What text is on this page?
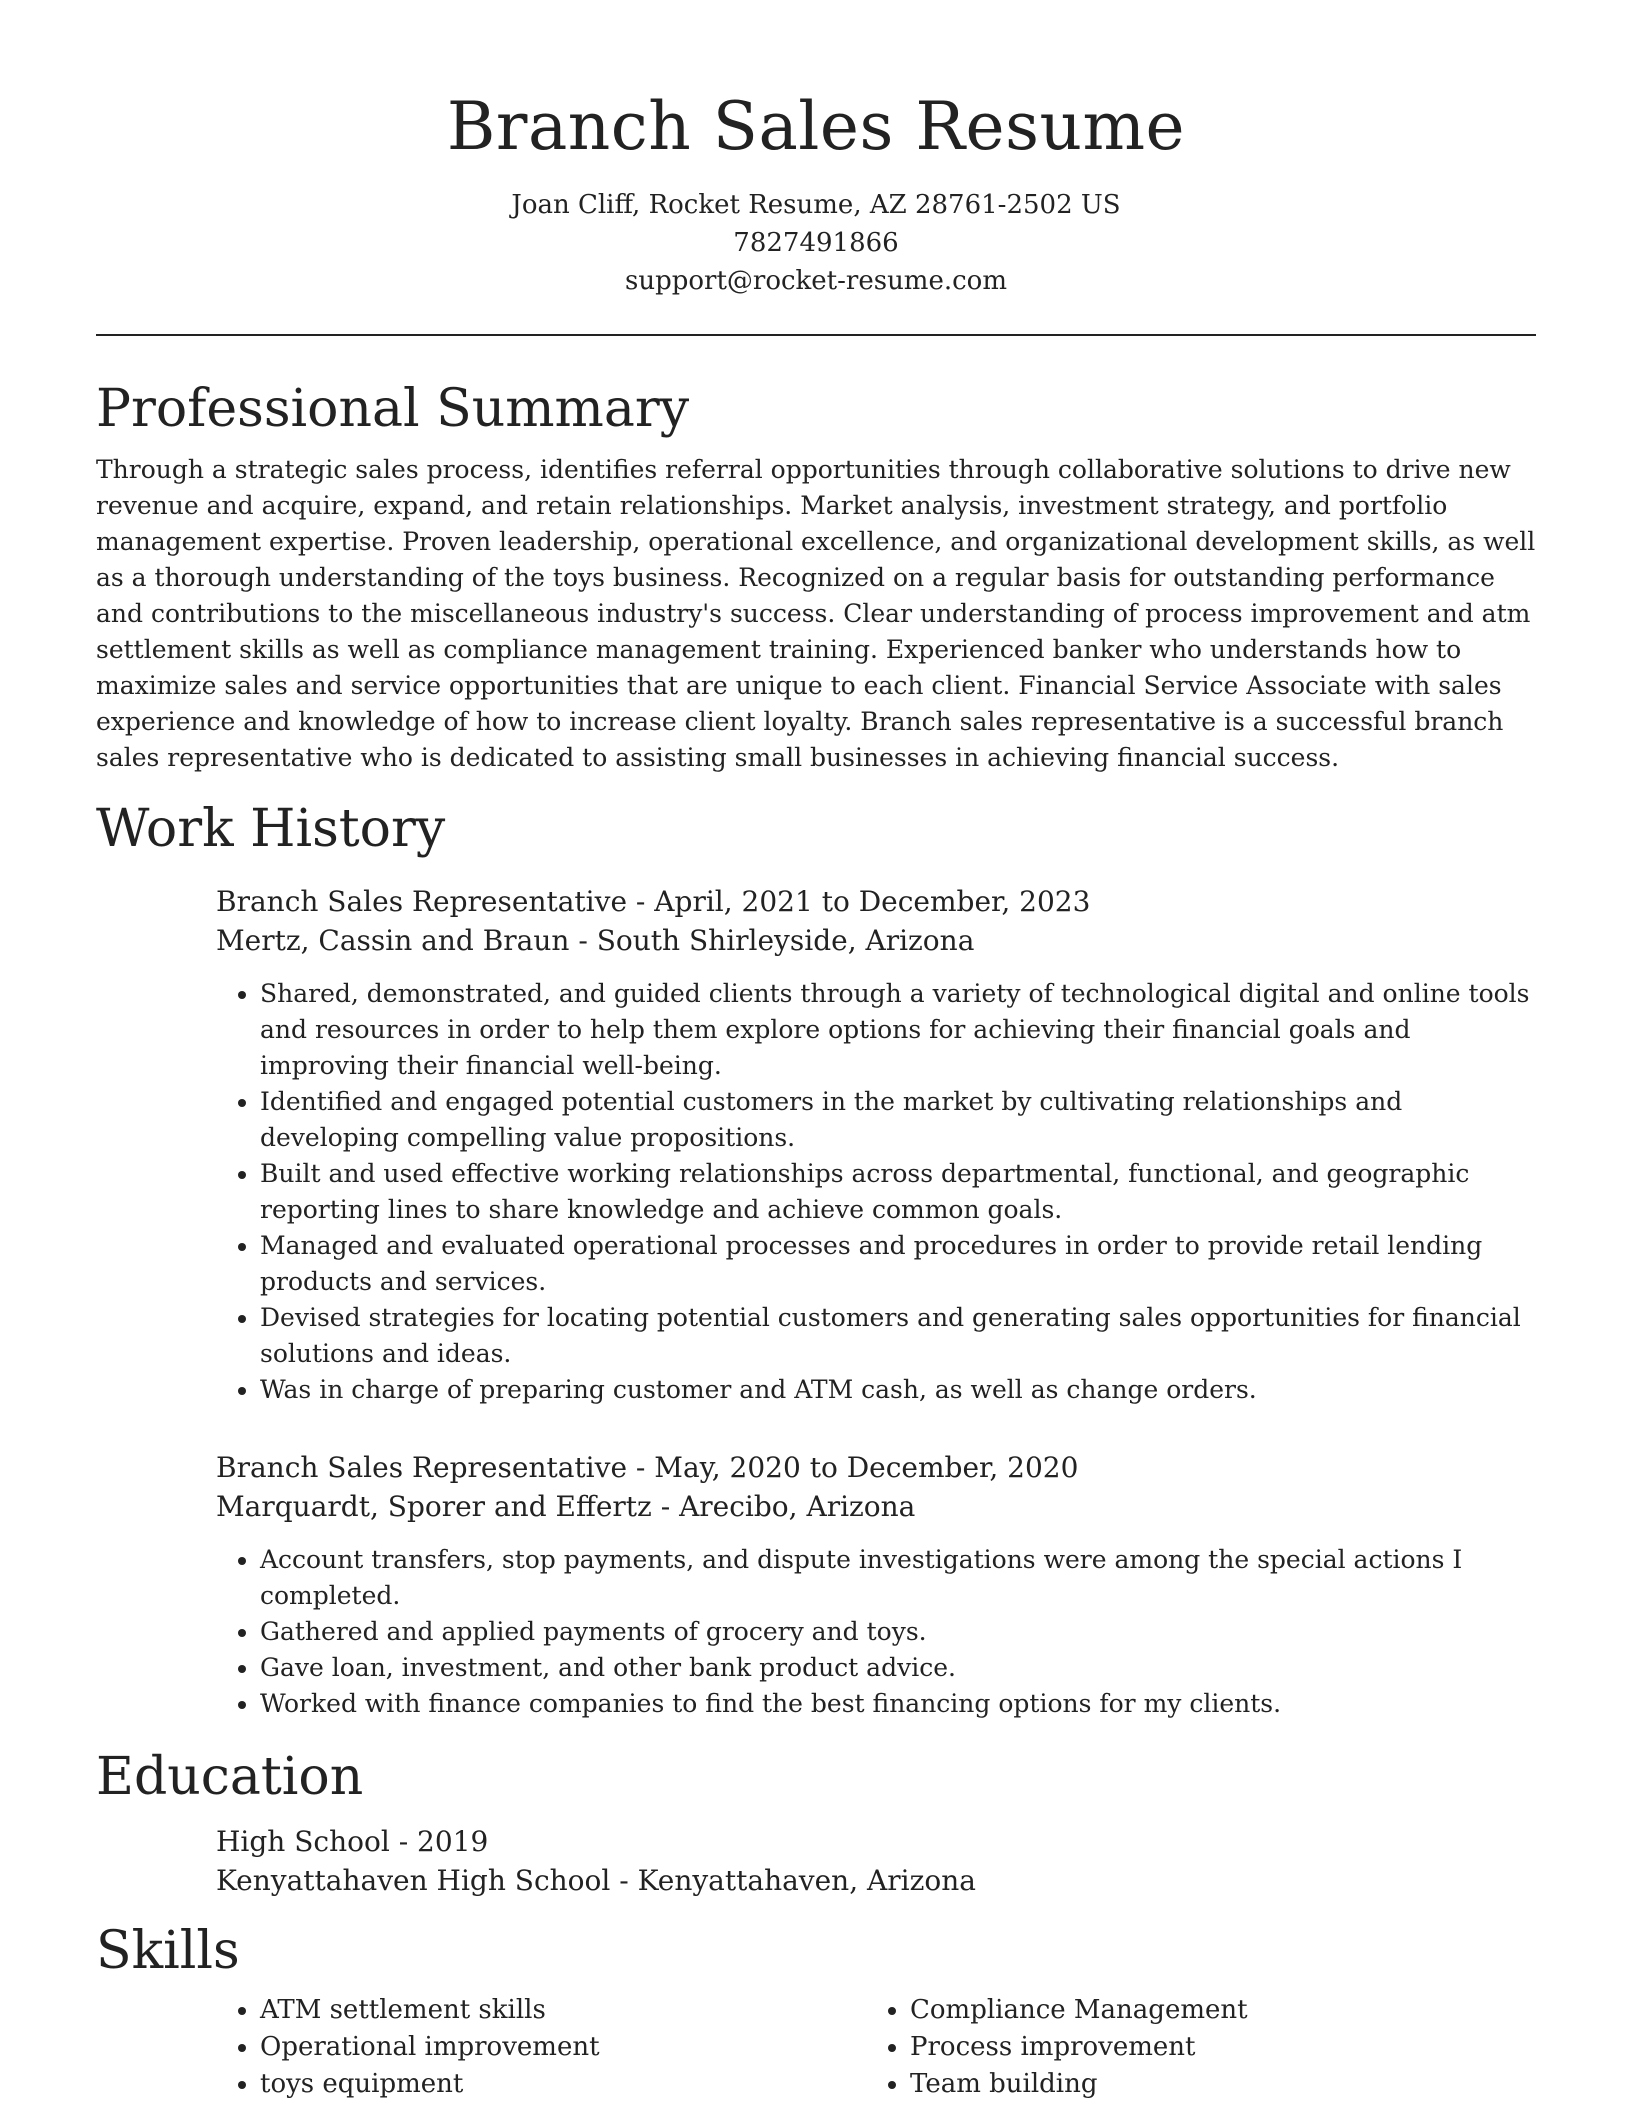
Branch Sales Resume
Joan Cliff, Rocket Resume, AZ 28761-2502 US
7827491866
support@rocket-resume.com
Professional Summary

Through a strategic sales process, identifies referral opportunities through collaborative solutions to drive new revenue and acquire, expand, and retain relationships. Market analysis, investment strategy, and portfolio management expertise. Proven leadership, operational excellence, and organizational development skills, as well as a thorough understanding of the toys business. Recognized on a regular basis for outstanding performance and contributions to the miscellaneous industry's success. Clear understanding of process improvement and atm settlement skills as well as compliance management training. Experienced banker who understands how to maximize sales and service opportunities that are unique to each client. Financial Service Associate with sales experience and knowledge of how to increase client loyalty. Branch sales representative is a successful branch sales representative who is dedicated to assisting small businesses in achieving financial success.

Work History
Branch Sales Representative - April, 2021 to December, 2023
Mertz, Cassin and Braun - South Shirleyside, Arizona
• Shared, demonstrated, and guided clients through a variety of technological digital and online tools and resources in order to help them explore options for achieving their financial goals and improving their financial well-being.
• Identified and engaged potential customers in the market by cultivating relationships and developing compelling value propositions.
• Built and used effective working relationships across departmental, functional, and geographic reporting lines to share knowledge and achieve common goals.
• Managed and evaluated operational processes and procedures in order to provide retail lending products and services.
• Devised strategies for locating potential customers and generating sales opportunities for financial solutions and ideas.
• Was in charge of preparing customer and ATM cash, as well as change orders.
Branch Sales Representative - May, 2020 to December, 2020
Marquardt, Sporer and Effertz - Arecibo, Arizona
• Account transfers, stop payments, and dispute investigations were among the special actions I completed.
• Gathered and applied payments of grocery and toys.
• Gave loan, investment, and other bank product advice.
• Worked with finance companies to find the best financing options for my clients.
Education
High School - 2019
Kenyattahaven High School - Kenyattahaven, Arizona
Skills
• ATM settlement skills
• Operational improvement
• toys equipment
• Compliance Management
• Process improvement
• Team building
